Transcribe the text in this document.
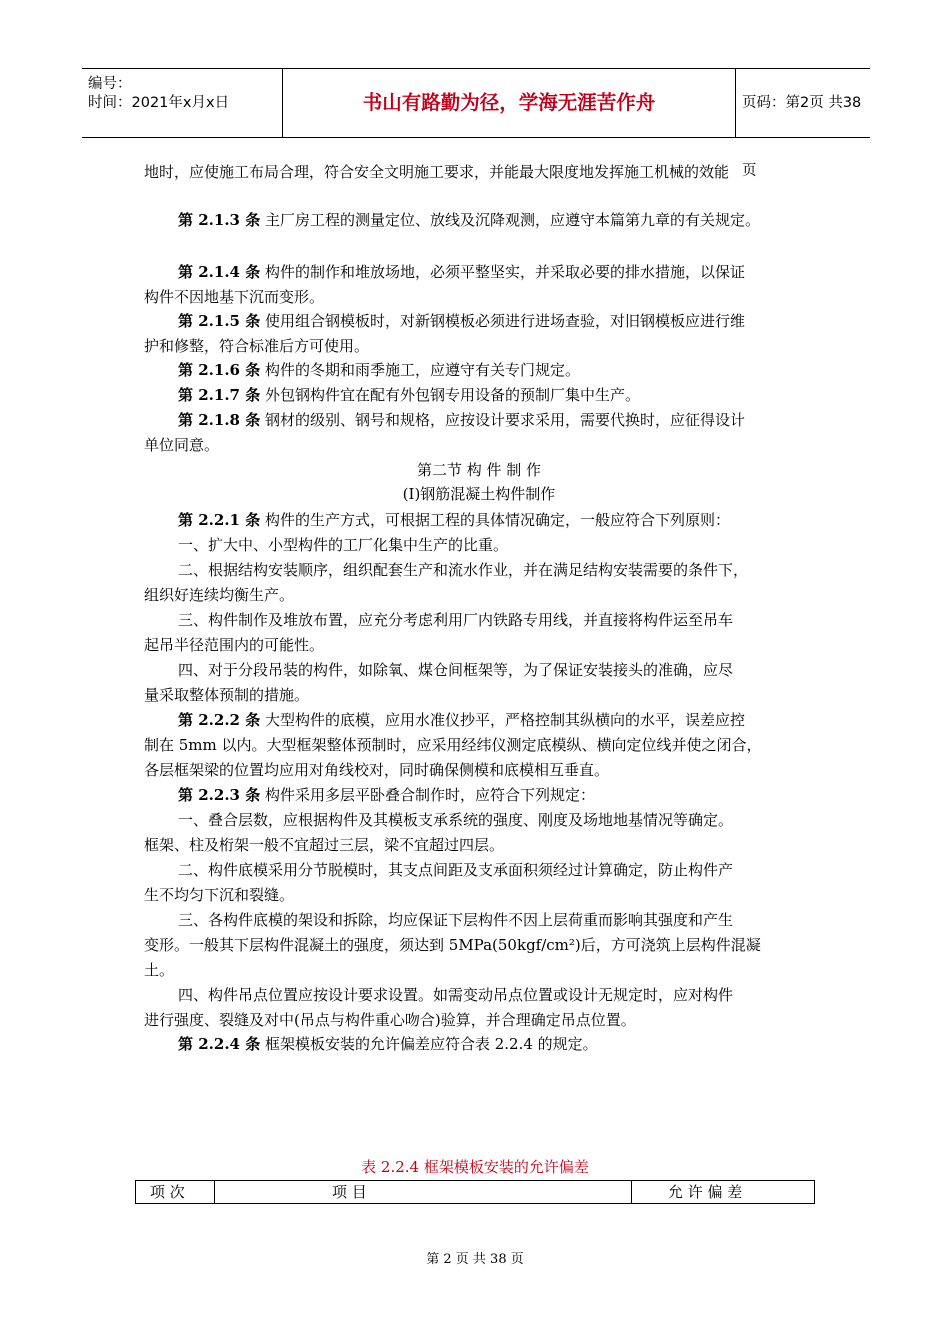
编号：
时间：2021年x月x日	书山有路勤为径，学海无涯苦作舟	页码：第2页 共38页
地时，应使施工布局合理，符合安全文明施工要求，并能最大限度地发挥施工机械的效能
第 2.1.3 条 主厂房工程的测量定位、放线及沉降观测，应遵守本篇第九章的有关规定。
第 2.1.4 条 构件的制作和堆放场地，必须平整坚实，并采取必要的排水措施，以保证
构件不因地基下沉而变形。
第 2.1.5 条 使用组合钢模板时，对新钢模板必须进行进场查验，对旧钢模板应进行维
护和修整，符合标准后方可使用。
第 2.1.6 条 构件的冬期和雨季施工，应遵守有关专门规定。
第 2.1.7 条 外包钢构件宜在配有外包钢专用设备的预制厂集中生产。
第 2.1.8 条 钢材的级别、钢号和规格，应按设计要求采用，需要代换时，应征得设计
单位同意。
第二节 构 件 制 作
(Ⅰ)钢筋混凝土构件制作
第 2.2.1 条 构件的生产方式，可根据工程的具体情况确定，一般应符合下列原则：
一、扩大中、小型构件的工厂化集中生产的比重。
二、根据结构安装顺序，组织配套生产和流水作业，并在满足结构安装需要的条件下，
组织好连续均衡生产。
三、构件制作及堆放布置，应充分考虑利用厂内铁路专用线，并直接将构件运至吊车
起吊半径范围内的可能性。
四、对于分段吊装的构件，如除氧、煤仓间框架等，为了保证安装接头的准确，应尽
量采取整体预制的措施。
第 2.2.2 条 大型构件的底模，应用水准仪抄平，严格控制其纵横向的水平，误差应控
制在 5mm 以内。大型框架整体预制时，应采用经纬仪测定底模纵、横向定位线并使之闭合，
各层框架梁的位置均应用对角线校对，同时确保侧模和底模相互垂直。
第 2.2.3 条 构件采用多层平卧叠合制作时，应符合下列规定：
一、叠合层数，应根据构件及其模板支承系统的强度、刚度及场地地基情况等确定。
框架、柱及桁架一般不宜超过三层，梁不宜超过四层。
二、构件底模采用分节脱模时，其支点间距及支承面积须经过计算确定，防止构件产
生不均匀下沉和裂缝。
三、各构件底模的架设和拆除，均应保证下层构件不因上层荷重而影响其强度和产生
变形。一般其下层构件混凝土的强度，须达到 5MPa(50kgf/cm²)后，方可浇筑上层构件混凝
土。
四、构件吊点位置应按设计要求设置。如需变动吊点位置或设计无规定时，应对构件
进行强度、裂缝及对中(吊点与构件重心吻合)验算，并合理确定吊点位置。
第 2.2.4 条 框架模板安装的允许偏差应符合表 2.2.4 的规定。
表 2.2.4 框架模板安装的允许偏差
项 次	项 目	允 许 偏 差
第 2 页 共 38 页
